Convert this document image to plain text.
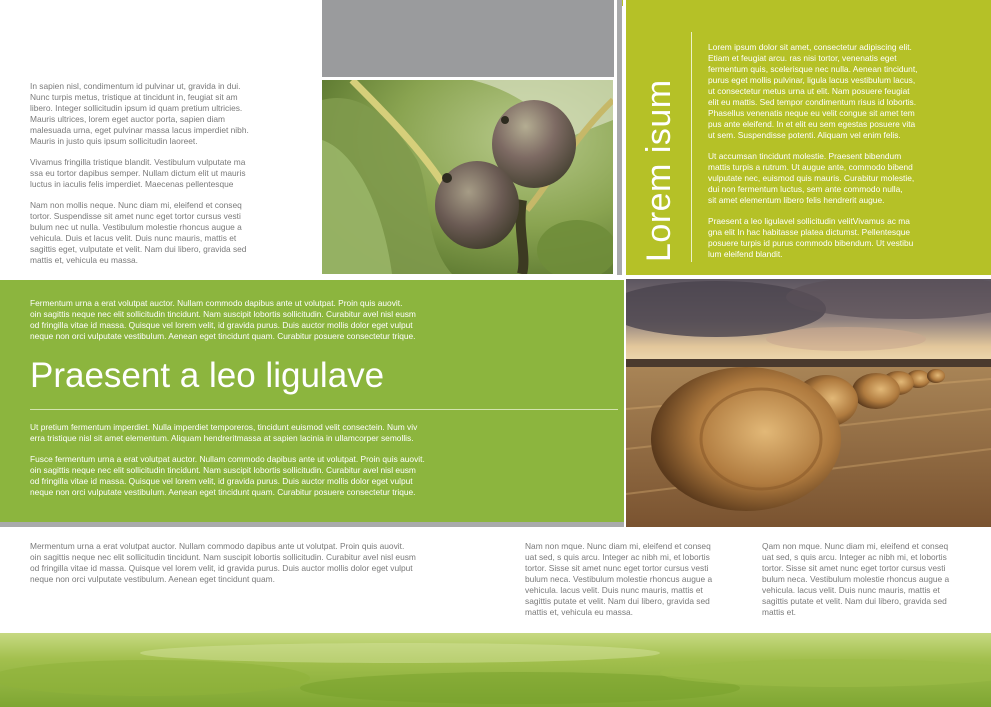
In sapien nisl, condimentum id pulvinar ut, gravida in dui.
Nunc turpis metus, tristique at tincidunt in, feugiat sit am
libero. Integer sollicitudin ipsum id quam pretium ultricies.
Mauris ultrices, lorem eget auctor porta, sapien diam
malesuada urna, eget pulvinar massa lacus imperdiet nibh.
Mauris in justo quis ipsum sollicitudin laoreet.

Vivamus fringilla tristique blandit. Vestibulum vulputate ma
ssa eu tortor dapibus semper. Nullam dictum elit ut mauris
luctus in iaculis felis imperdiet. Maecenas pellentesque

Nam non mollis neque. Nunc diam mi, eleifend et conseq
tortor. Suspendisse sit amet nunc eget tortor cursus vesti
bulum nec ut nulla. Vestibulum molestie rhoncus augue a
vehicula. Duis et lacus velit. Duis nunc mauris, mattis et
sagittis eget, vulputate et velit. Nam dui libero, gravida sed
mattis et, vehicula eu massa.	Lorem isum

Lorem ipsum dolor sit amet, consectetur adipiscing elit.
Etiam et feugiat arcu. ras nisi tortor, venenatis eget
fermentum quis, scelerisque nec nulla. Aenean tincidunt,
purus eget mollis pulvinar, ligula lacus vestibulum lacus,
ut consectetur metus urna ut elit. Nam posuere feugiat
elit eu mattis. Sed tempor condimentum risus id lobortis.
Phasellus venenatis neque eu velit congue sit amet tem
pus ante eleifend. In et elit eu sem egestas posuere vita
ut sem. Suspendisse potenti. Aliquam vel enim felis.

Ut accumsan tincidunt molestie. Praesent bibendum
mattis turpis a rutrum. Ut augue ante, commodo bibend
vulputate nec, euismod quis mauris. Curabitur molestie,
dui non fermentum luctus, sem ante commodo nulla,
sit amet elementum libero felis hendrerit augue.

Praesent a leo ligulavel sollicitudin velitVivamus ac ma
gna elit In hac habitasse platea dictumst. Pellentesque
posuere turpis id purus commodo bibendum. Ut vestibu
lum eleifend blandit.

Fermentum urna a erat volutpat auctor. Nullam commodo dapibus ante ut volutpat. Proin quis auovit.
oin sagittis neque nec elit sollicitudin tincidunt. Nam suscipit lobortis sollicitudin. Curabitur avel nisl eusm
od fringilla vitae id massa. Quisque vel lorem velit, id gravida purus. Duis auctor mollis dolor eget vulput
neque non orci vulputate vestibulum. Aenean eget tincidunt quam. Curabitur posuere consectetur trique.
Praesent a leo ligulave

Ut pretium fermentum imperdiet. Nulla imperdiet temporeros, tincidunt euismod velit consectein. Num viv
erra tristique nisl sit amet elementum. Aliquam hendreritmassa at sapien lacinia in ullamcorper semollis.

Fusce fermentum urna a erat volutpat auctor. Nullam commodo dapibus ante ut volutpat. Proin quis auovit.
oin sagittis neque nec elit sollicitudin tincidunt. Nam suscipit lobortis sollicitudin. Curabitur avel nisl eusm
od fringilla vitae id massa. Quisque vel lorem velit, id gravida purus. Duis auctor mollis dolor eget vulput
neque non orci vulputate vestibulum. Aenean eget tincidunt quam. Curabitur posuere consectetur trique.

Mermentum urna a erat volutpat auctor. Nullam commodo dapibus ante ut volutpat. Proin quis auovit.
oin sagittis neque nec elit sollicitudin tincidunt. Nam suscipit lobortis sollicitudin. Curabitur avel nisl eusm
od fringilla vitae id massa. Quisque vel lorem velit, id gravida purus. Duis auctor mollis dolor eget vulput
neque non orci vulputate vestibulum. Aenean eget tincidunt quam.
Nam non mque. Nunc diam mi, eleifend et conseq
uat sed, s quis arcu. Integer ac nibh mi, et lobortis
tortor. Sisse sit amet nunc eget tortor cursus vesti
bulum neca. Vestibulum molestie rhoncus augue a
vehicula. lacus velit. Duis nunc mauris, mattis et
sagittis putate et velit. Nam dui libero, gravida sed
mattis et, vehicula eu massa.
Qam non mque. Nunc diam mi, eleifend et conseq
uat sed, s quis arcu. Integer ac nibh mi, et lobortis
tortor. Sisse sit amet nunc eget tortor cursus vesti
bulum neca. Vestibulum molestie rhoncus augue a
vehicula. lacus velit. Duis nunc mauris, mattis et
sagittis putate et velit. Nam dui libero, gravida sed
mattis et.
